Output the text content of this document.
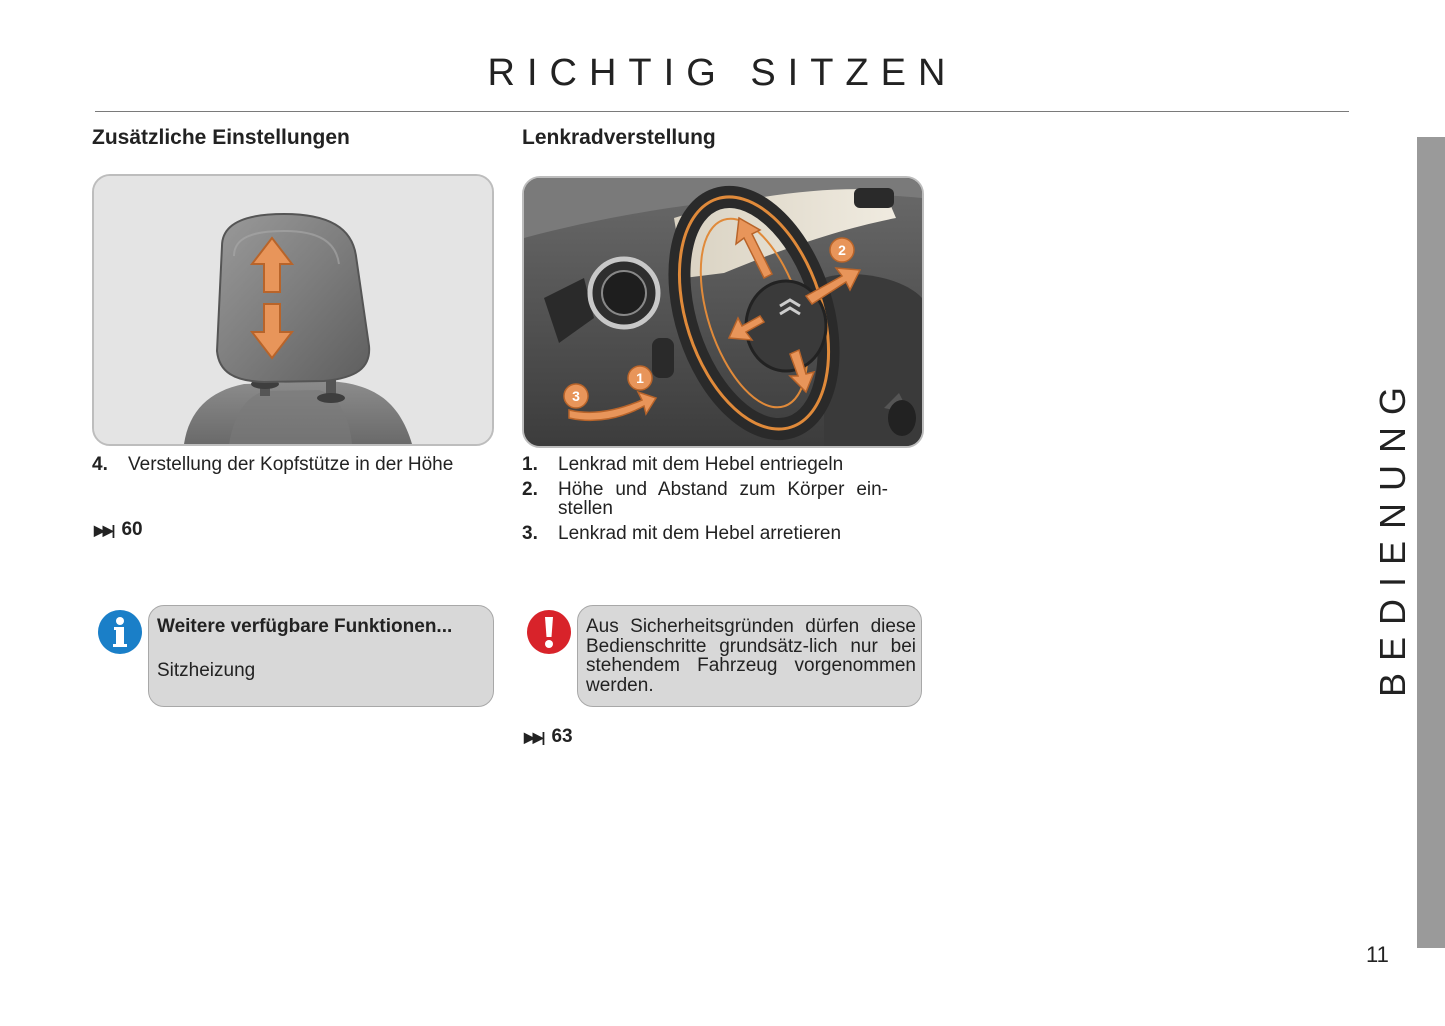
RICHTIG SITZEN
Zusätzliche Einstellungen
4. Verstellung der Kopfstütze in der Höhe
▶▶| 60
Weitere verfügbare Funktionen...
Sitzheizung
Lenkradverstellung
2
1
3
1. Lenkrad mit dem Hebel entriegeln
2. Höhe und Abstand zum Körper ein-stellen
3. Lenkrad mit dem Hebel arretieren
Aus Sicherheitsgründen dürfen diese Bedienschritte grundsätz-lich nur bei stehendem Fahrzeug vorgenommen werden.
▶▶| 63
BEDIENUNG
11
